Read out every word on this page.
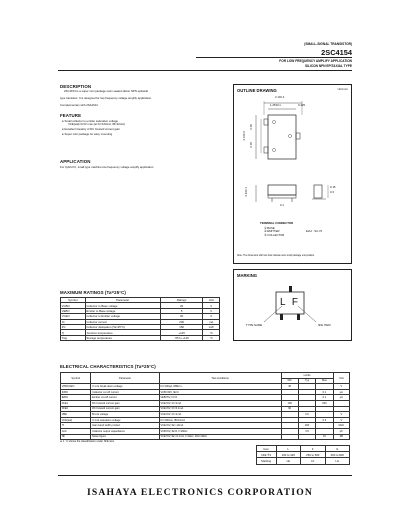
(SMALL-SIGNAL TRANSISTOR)
2SC4154
FOR LOW FREQUENCY AMPLIFY APPLICATION
SILICON NPN EPITAXIAL TYPE
DESCRIPTION
2SC4154 is a super mini package resin sealed silicon NPN epitaxial
type transistor. It is designed for low frequency voltage amplify application.
Complementary with 2SA1612.
FEATURE
● Small collector to emitter saturation voltage
VCE(sat)=0.3V max (at IC=100mA, IB=10mA)
● Excellent linearity of DC forward current gain
● Super mini package for easy mounting
APPLICATION
For hybrid IC, small type machine low frequency voltage amplify application.
OUTLINE DRAWING	Unit:mm
2.1±0.2
1.25±0.1	0.425
2.0±0.2
0.65
0.65
0.9±0.1
0.15
0.3
0.1
TERMINAL CONNECTOR
① BASE
② EMITTER
③ COLLECTOR
EIAJ : SC-70
Note: The dimension with two dots indicate resin mold package end position.
MARKING
L F
TYPE NAME	hFE ITEM
MAXIMUM RATINGS (Ta=25°C)
Symbol	Parameter	Ratings	Unit
VCBO	Collector to Base voltage	30	V
VEBO	Emitter to Base voltage	5	V
VCEO	Collector to Emitter voltage	30	V
IC	Collector current	200	mA
PC	Collector dissipation (Ta=25°C)	150	mW
Tj	Junction temperature	+125	°C
Tstg	Storage temperature	-55 to +125	°C
ELECTRICAL CHARACTERISTICS (Ta=25°C)
Symbol	Parameter	Test conditions	Limits			Unit
			Min	Typ	Max	
V(BR)CEO	C to E break down voltage	IC=100μA, RBE=∞	30			V
ICBO	Collector cut off current	VCB=30V, IE=0			0.1	μA
IEBO	Emitter cut off current	VEB=5V, IC=0			0.1	μA
hFE1	DC forward current gain	VCE=6V, IC=1mA	160		600	
hFE2	DC forward current gain	VCE=6V, IC=0.1mA	90			
VBE	B to E voltage	VCE=6V, IC=1mA		0.6		V
VCE(sat)	C to E saturation voltage	IC=100mA, IB=10mA			0.3	V
fT	Gain band width product	VCE=6V, IE=-10mA		200		MHz
Cob	Collector output capacitance	VCB=6V, IE=0, f=1MHz		3.5		pF
NF	Noise figure	VCE=6V, IE=-0.1mA, f=1kHz, RG=10kΩ			15	dB
※ 1 : It shows the classification under hFE item.
Item	L	F	G
hFE ※1	160 to 320	250 to 500	400 to 800
Marking	LE	LF	LG
ISAHAYA ELECTRONICS CORPORATION
